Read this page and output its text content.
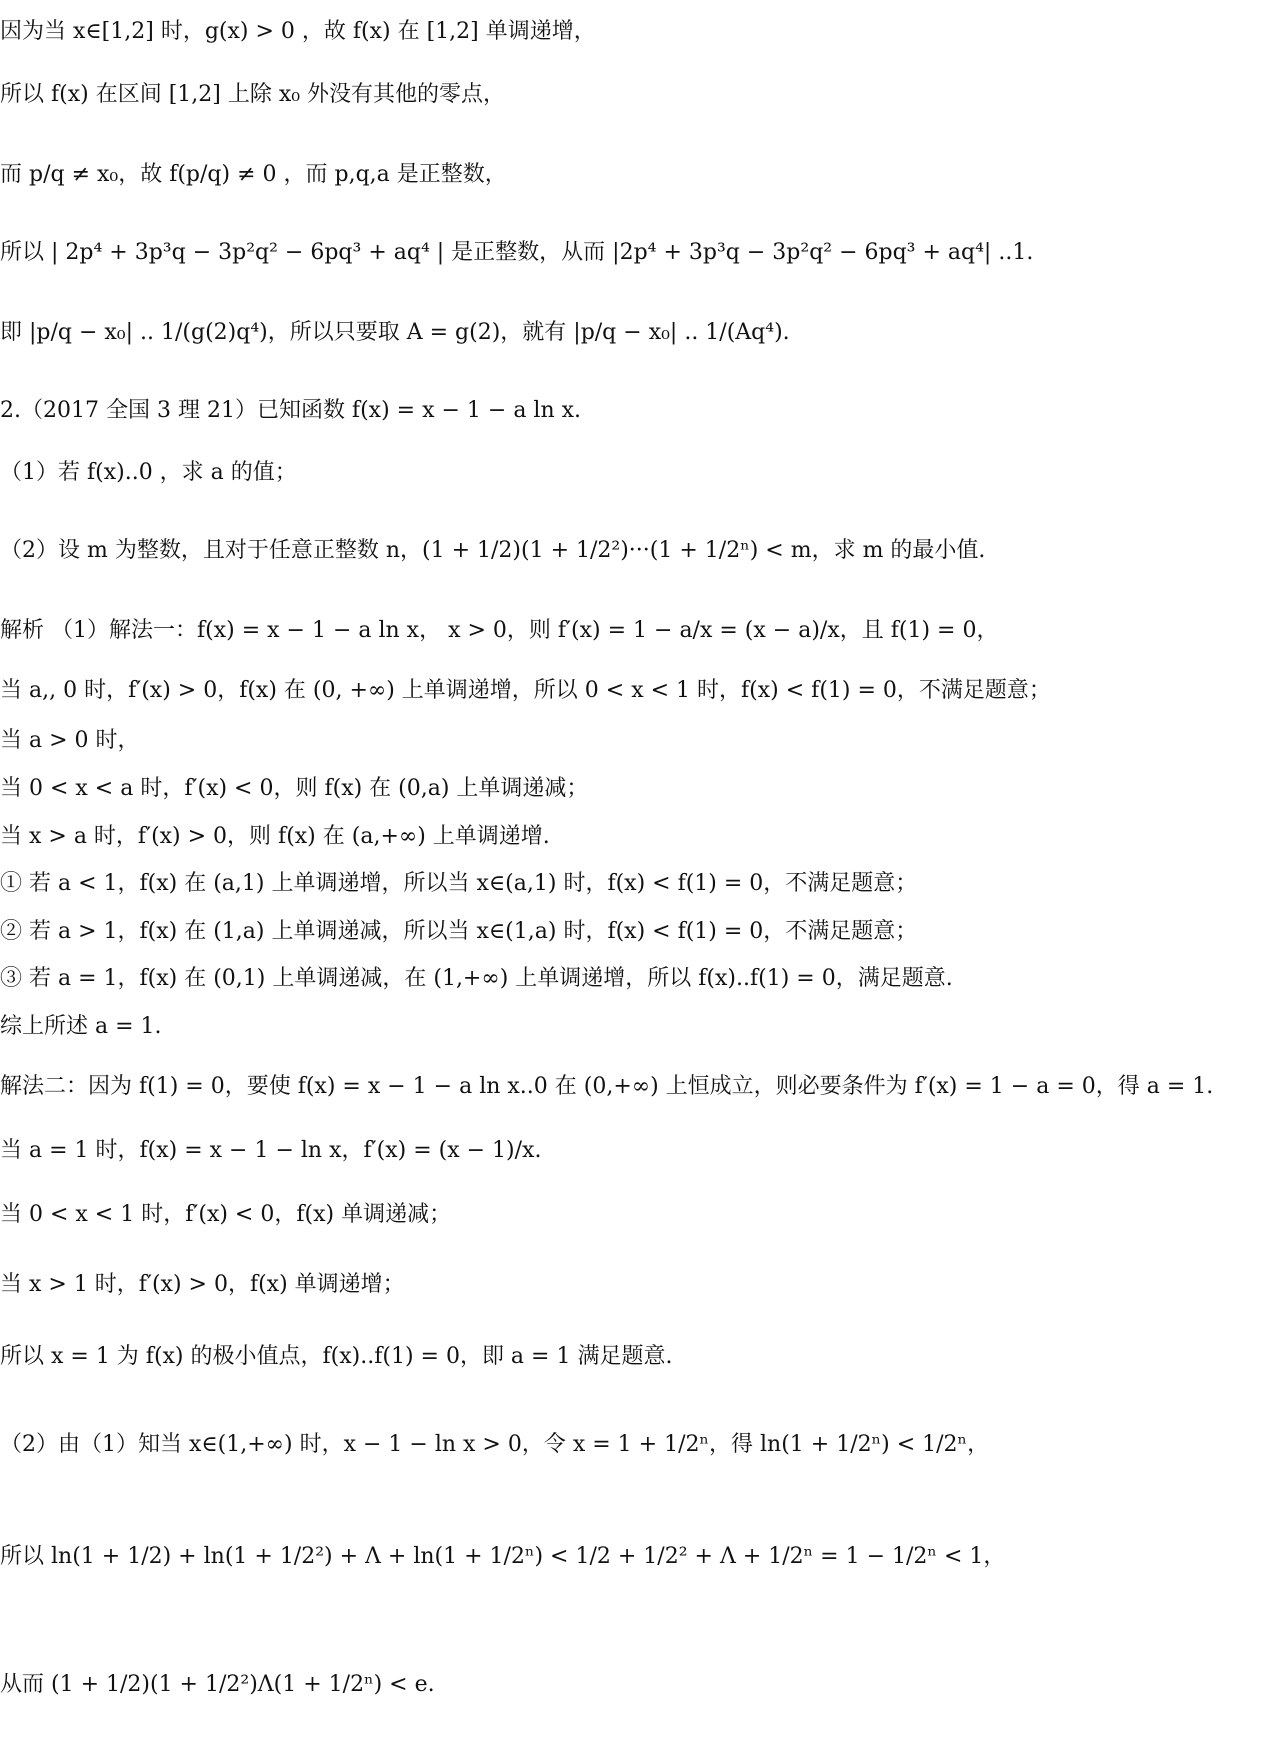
因为当 x∈[1,2] 时，g(x) > 0 ，故 f(x) 在 [1,2] 单调递增，
所以 f(x) 在区间 [1,2] 上除 x₀ 外没有其他的零点，
而 p/q ≠ x₀，故 f(p/q) ≠ 0 ，而 p,q,a 是正整数，
所以 | 2p⁴ + 3p³q − 3p²q² − 6pq³ + aq⁴ | 是正整数，从而 |2p⁴ + 3p³q − 3p²q² − 6pq³ + aq⁴| ..1.
即 |p/q − x₀| .. 1/(g(2)q⁴)，所以只要取 A = g(2)，就有 |p/q − x₀| .. 1/(Aq⁴).
2.（2017 全国 3 理 21）已知函数 f(x) = x − 1 − a ln x.
（1）若 f(x)..0 ，求 a 的值；
（2）设 m 为整数，且对于任意正整数 n，(1 + 1/2)(1 + 1/2²)···(1 + 1/2ⁿ) < m，求 m 的最小值.
解析 （1）解法一：f(x) = x − 1 − a ln x， x > 0，则 f′(x) = 1 − a/x = (x − a)/x，且 f(1) = 0，
当 a,, 0 时，f′(x) > 0，f(x) 在 (0, +∞) 上单调递增，所以 0 < x < 1 时，f(x) < f(1) = 0，不满足题意；
当 a > 0 时，
当 0 < x < a 时，f′(x) < 0，则 f(x) 在 (0,a) 上单调递减；
当 x > a 时，f′(x) > 0，则 f(x) 在 (a,+∞) 上单调递增.
① 若 a < 1，f(x) 在 (a,1) 上单调递增，所以当 x∈(a,1) 时，f(x) < f(1) = 0，不满足题意；
② 若 a > 1，f(x) 在 (1,a) 上单调递减，所以当 x∈(1,a) 时，f(x) < f(1) = 0，不满足题意；
③ 若 a = 1，f(x) 在 (0,1) 上单调递减，在 (1,+∞) 上单调递增，所以 f(x)..f(1) = 0，满足题意.
综上所述 a = 1.
解法二：因为 f(1) = 0，要使 f(x) = x − 1 − a ln x..0 在 (0,+∞) 上恒成立，则必要条件为 f′(x) = 1 − a = 0，得 a = 1.
当 a = 1 时，f(x) = x − 1 − ln x，f′(x) = (x − 1)/x.
当 0 < x < 1 时，f′(x) < 0，f(x) 单调递减；
当 x > 1 时，f′(x) > 0，f(x) 单调递增；
所以 x = 1 为 f(x) 的极小值点，f(x)..f(1) = 0，即 a = 1 满足题意.
（2）由（1）知当 x∈(1,+∞) 时，x − 1 − ln x > 0，令 x = 1 + 1/2ⁿ，得 ln(1 + 1/2ⁿ) < 1/2ⁿ，
所以 ln(1 + 1/2) + ln(1 + 1/2²) + Λ + ln(1 + 1/2ⁿ) < 1/2 + 1/2² + Λ + 1/2ⁿ = 1 − 1/2ⁿ < 1，
从而 (1 + 1/2)(1 + 1/2²)Λ(1 + 1/2ⁿ) < e.
